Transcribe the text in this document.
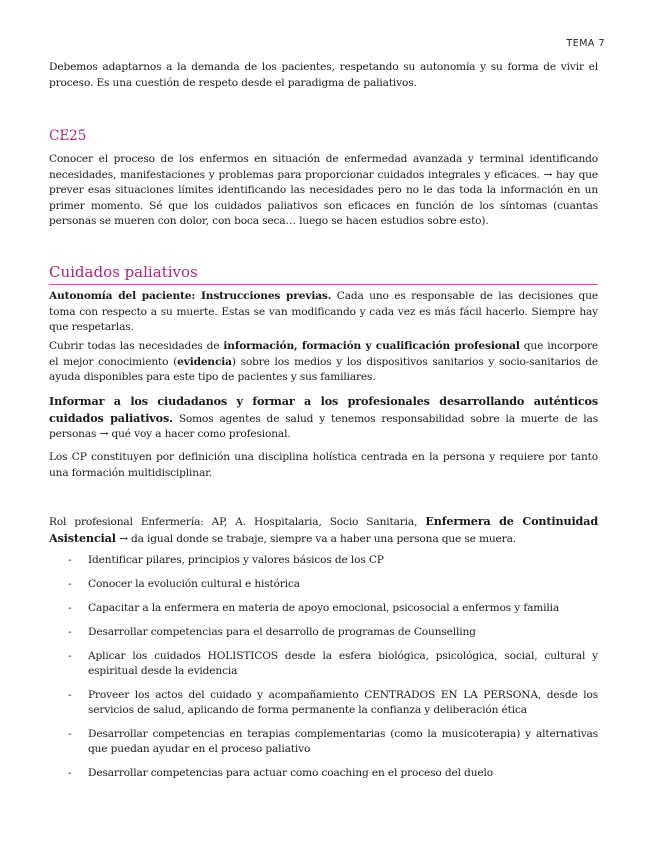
TEMA 7

Debemos adaptarnos a la demanda de los pacientes, respetando su autonomía y su forma de vivir el proceso. Es una cuestión de respeto desde el paradigma de paliativos.

CE25

Conocer el proceso de los enfermos en situación de enfermedad avanzada y terminal identificando necesidades, manifestaciones y problemas para proporcionar cuidados integrales y eficaces. → hay que prever esas situaciones límites identificando las necesidades pero no le das toda la información en un primer momento. Sé que los cuidados paliativos son eficaces en función de los síntomas (cuantas personas se mueren con dolor, con boca seca… luego se hacen estudios sobre esto).

Cuidados paliativos

Autonomía del paciente: Instrucciones previas. Cada uno es responsable de las decisiones que toma con respecto a su muerte. Estas se van modificando y cada vez es más fácil hacerlo. Siempre hay que respetarlas.

Cubrir todas las necesidades de información, formación y cualificación profesional que incorpore el mejor conocimiento (evidencia) sobre los medios y los dispositivos sanitarios y socio-sanitarios de ayuda disponibles para este tipo de pacientes y sus familiares.

Informar a los ciudadanos y formar a los profesionales desarrollando auténticos cuidados paliativos. Somos agentes de salud y tenemos responsabilidad sobre la muerte de las personas → qué voy a hacer como profesional.

Los CP constituyen por definición una disciplina holística centrada en la persona y requiere por tanto una formación multidisciplinar.

Rol profesional Enfermería: AP, A. Hospitalaria, Socio Sanitaria, Enfermera de Continuidad Asistencial → da igual donde se trabaje, siempre va a haber una persona que se muera.

- Identificar pilares, principios y valores básicos de los CP
- Conocer la evolución cultural e histórica
- Capacitar a la enfermera en materia de apoyo emocional, psicosocial a enfermos y familia
- Desarrollar competencias para el desarrollo de programas de Counselling
- Aplicar los cuidados HOLISTICOS desde la esfera biológica, psicológica, social, cultural y espiritual desde la evidencia
- Proveer los actos del cuidado y acompañamiento CENTRADOS EN LA PERSONA, desde los servicios de salud, aplicando de forma permanente la confianza y deliberación ética
- Desarrollar competencias en terapias complementarias (como la musicoterapia) y alternativas que puedan ayudar en el proceso paliativo
- Desarrollar competencias para actuar como coaching en el proceso del duelo
